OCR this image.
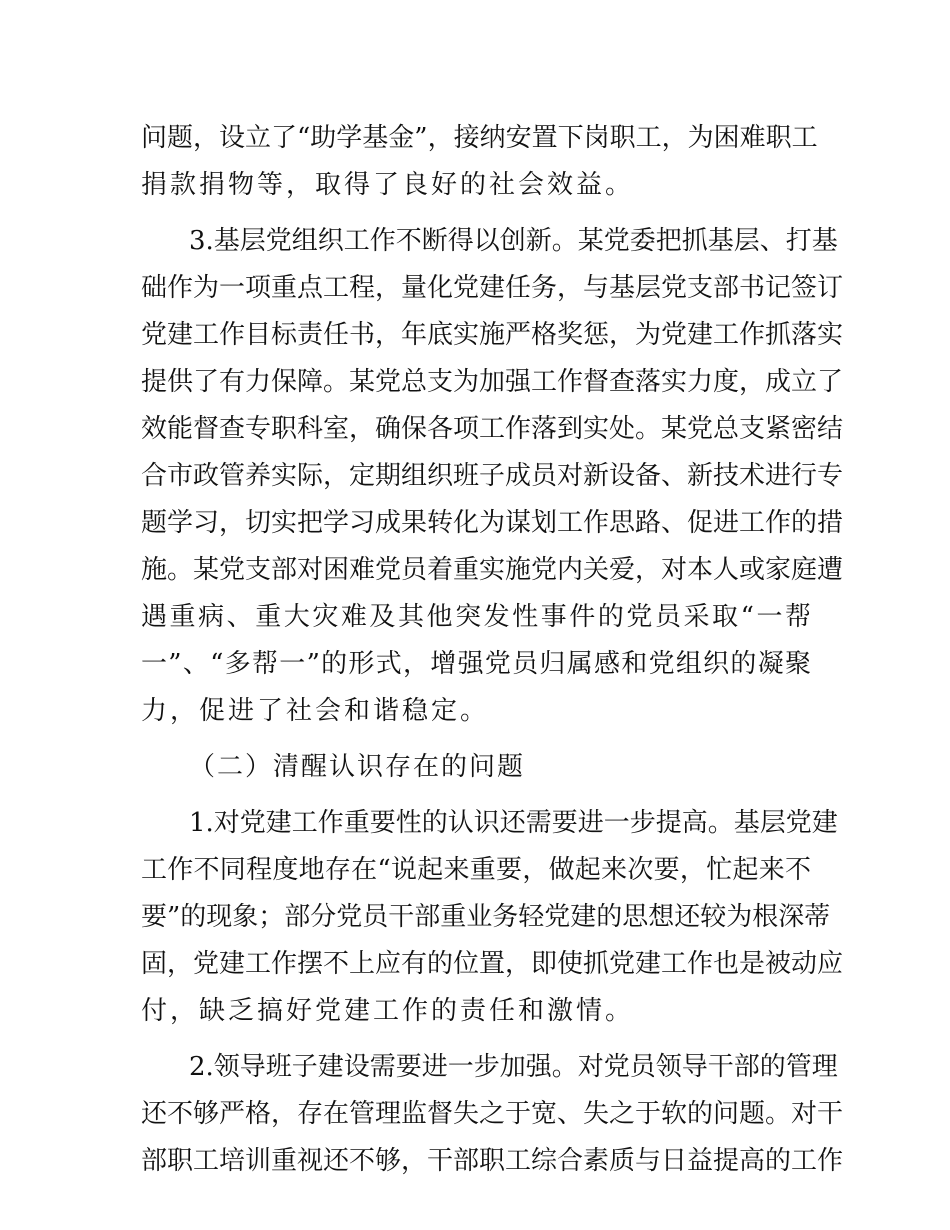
问题，设立了“助学基金”，接纳安置下岗职工，为困难职工
捐款捐物等，取得了良好的社会效益。
3.基层党组织工作不断得以创新。某党委把抓基层、打基
础作为一项重点工程，量化党建任务，与基层党支部书记签订
党建工作目标责任书，年底实施严格奖惩，为党建工作抓落实
提供了有力保障。某党总支为加强工作督查落实力度，成立了
效能督查专职科室，确保各项工作落到实处。某党总支紧密结
合市政管养实际，定期组织班子成员对新设备、新技术进行专
题学习，切实把学习成果转化为谋划工作思路、促进工作的措
施。某党支部对困难党员着重实施党内关爱，对本人或家庭遭
遇重病、重大灾难及其他突发性事件的党员采取“一帮
一”、“多帮一”的形式，增强党员归属感和党组织的凝聚
力，促进了社会和谐稳定。
（二）清醒认识存在的问题
1.对党建工作重要性的认识还需要进一步提高。基层党建
工作不同程度地存在“说起来重要，做起来次要，忙起来不
要”的现象；部分党员干部重业务轻党建的思想还较为根深蒂
固，党建工作摆不上应有的位置，即使抓党建工作也是被动应
付，缺乏搞好党建工作的责任和激情。
2.领导班子建设需要进一步加强。对党员领导干部的管理
还不够严格，存在管理监督失之于宽、失之于软的问题。对干
部职工培训重视还不够，干部职工综合素质与日益提高的工作
